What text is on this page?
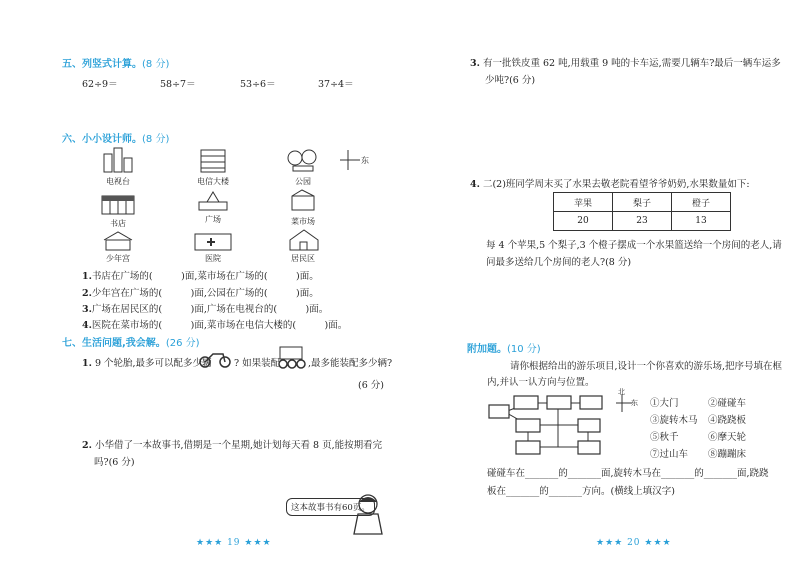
五、列竖式计算。(8 分)
62÷9＝	58÷7＝	53÷6＝	37÷4＝
六、小小设计师。(8 分)
电视台	电信大楼	公园
东
书店	广场	菜市场
少年宫	医院	居民区
1.书店在广场的(　　　)面,菜市场在广场的(　　　)面。
2.少年宫在广场的(　　　)面,公园在广场的(　　　)面。
3.广场在居民区的(　　　)面,广场在电视台的(　　　)面。
4.医院在菜市场的(　　　)面,菜市场在电信大楼的(　　　)面。
七、生活问题,我会解。(26 分)
1. 9 个轮胎,最多可以配多少辆 ? 如果装配	,最多能装配多少辆?
(6 分)
2. 小华借了一本故事书,借期是一个星期,她计划每天看 8 页,能按期看完
吗?(6 分)
这本故事书有60页。
★★★ 19 ★★★
3. 有一批铁皮重 62 吨,用载重 9 吨的卡车运,需要几辆车?最后一辆车运多
少吨?(6 分)
4. 二(2)班同学周末买了水果去敬老院看望爷爷奶奶,水果数量如下:
苹果	梨子	橙子
20	23	13
每 4 个苹果,5 个梨子,3 个橙子摆成一个水果篮送给一个房间的老人,请
问最多送给几个房间的老人?(8 分)
附加题。(10 分)
请你根据给出的游乐项目,设计一个你喜欢的游乐场,把序号填在框
内,并认一认方向与位置。
北
东 ①大门	②碰碰车
③旋转木马 ④跷跷板
⑤秋千	⑥摩天轮
⑦过山车 ⑧蹦蹦床
碰碰车在_______的_______面,旋转木马在_______的_______面,跷跷
板在_______的_______方向。(横线上填汉字)
★★★ 20 ★★★
